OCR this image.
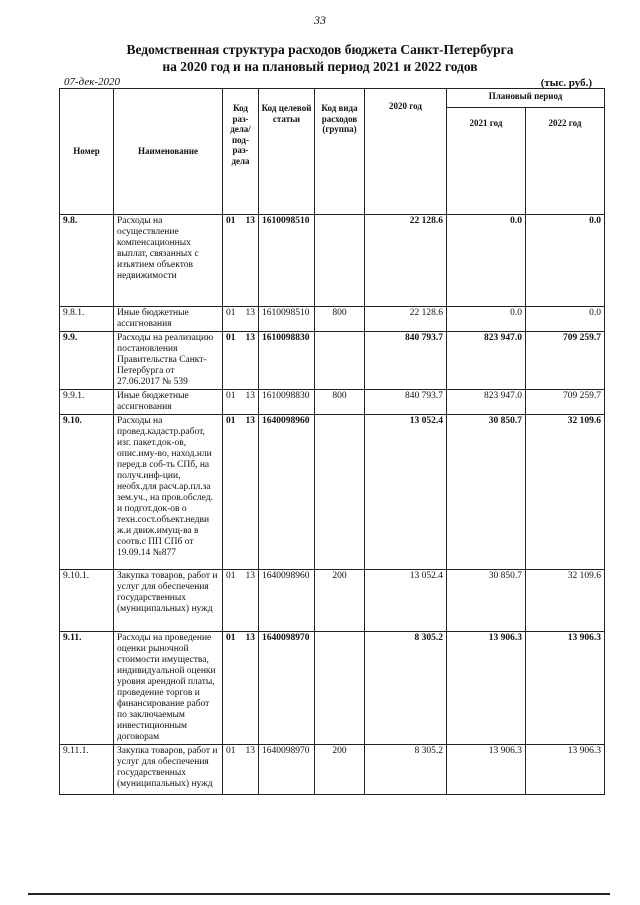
33
Ведомственная структура расходов бюджета Санкт-Петербурга
на 2020 год и на плановый период 2021 и 2022 годов
07-дек-2020	(тыс. руб.)
Номер	Наименование	Код раз-дела/ под-раз-дела	Код целевой статьи	Код вида расходов (группа)	2020 год	Плановый период	
						2021 год	2022 год
9.8.	Расходы на осуществление компенсационных выплат, связанных с изъятием объектов недвижимости	01 13	1610098510		22 128.6	0.0	0.0
9.8.1.	Иные бюджетные ассигнования	01 13	1610098510	800	22 128.6	0.0	0.0
9.9.	Расходы на реализацию постановления Правительства Санкт-Петербурга от 27.06.2017 № 539	01 13	1610098830		840 793.7	823 947.0	709 259.7
9.9.1.	Иные бюджетные ассигнования	01 13	1610098830	800	840 793.7	823 947.0	709 259.7
9.10.	Расходы на провед.кадастр.работ, изг. пакет.док-ов, опис.иму-во, наход.или перед.в соб-ть СПб, на получ.инф-ции, необх.для расч.ар.пл.за зем.уч., на пров.обслед. и подгот.док-ов о техн.сост.объект.недви ж.и движ.имущ-ва в соотв.с ПП СПб от 19.09.14 №877	01 13	1640098960		13 052.4	30 850.7	32 109.6
9.10.1.	Закупка товаров, работ и услуг для обеспечения государственных (муниципальных) нужд	01 13	1640098960	200	13 052.4	30 850.7	32 109.6
9.11.	Расходы на проведение оценки рыночной стоимости имущества, индивидуальной оценки уровня арендной платы, проведение торгов и финансирование работ по заключаемым инвестиционным договорам	01 13	1640098970		8 305.2	13 906.3	13 906.3
9.11.1.	Закупка товаров, работ и услуг для обеспечения государственных (муниципальных) нужд	01 13	1640098970	200	8 305.2	13 906.3	13 906.3
